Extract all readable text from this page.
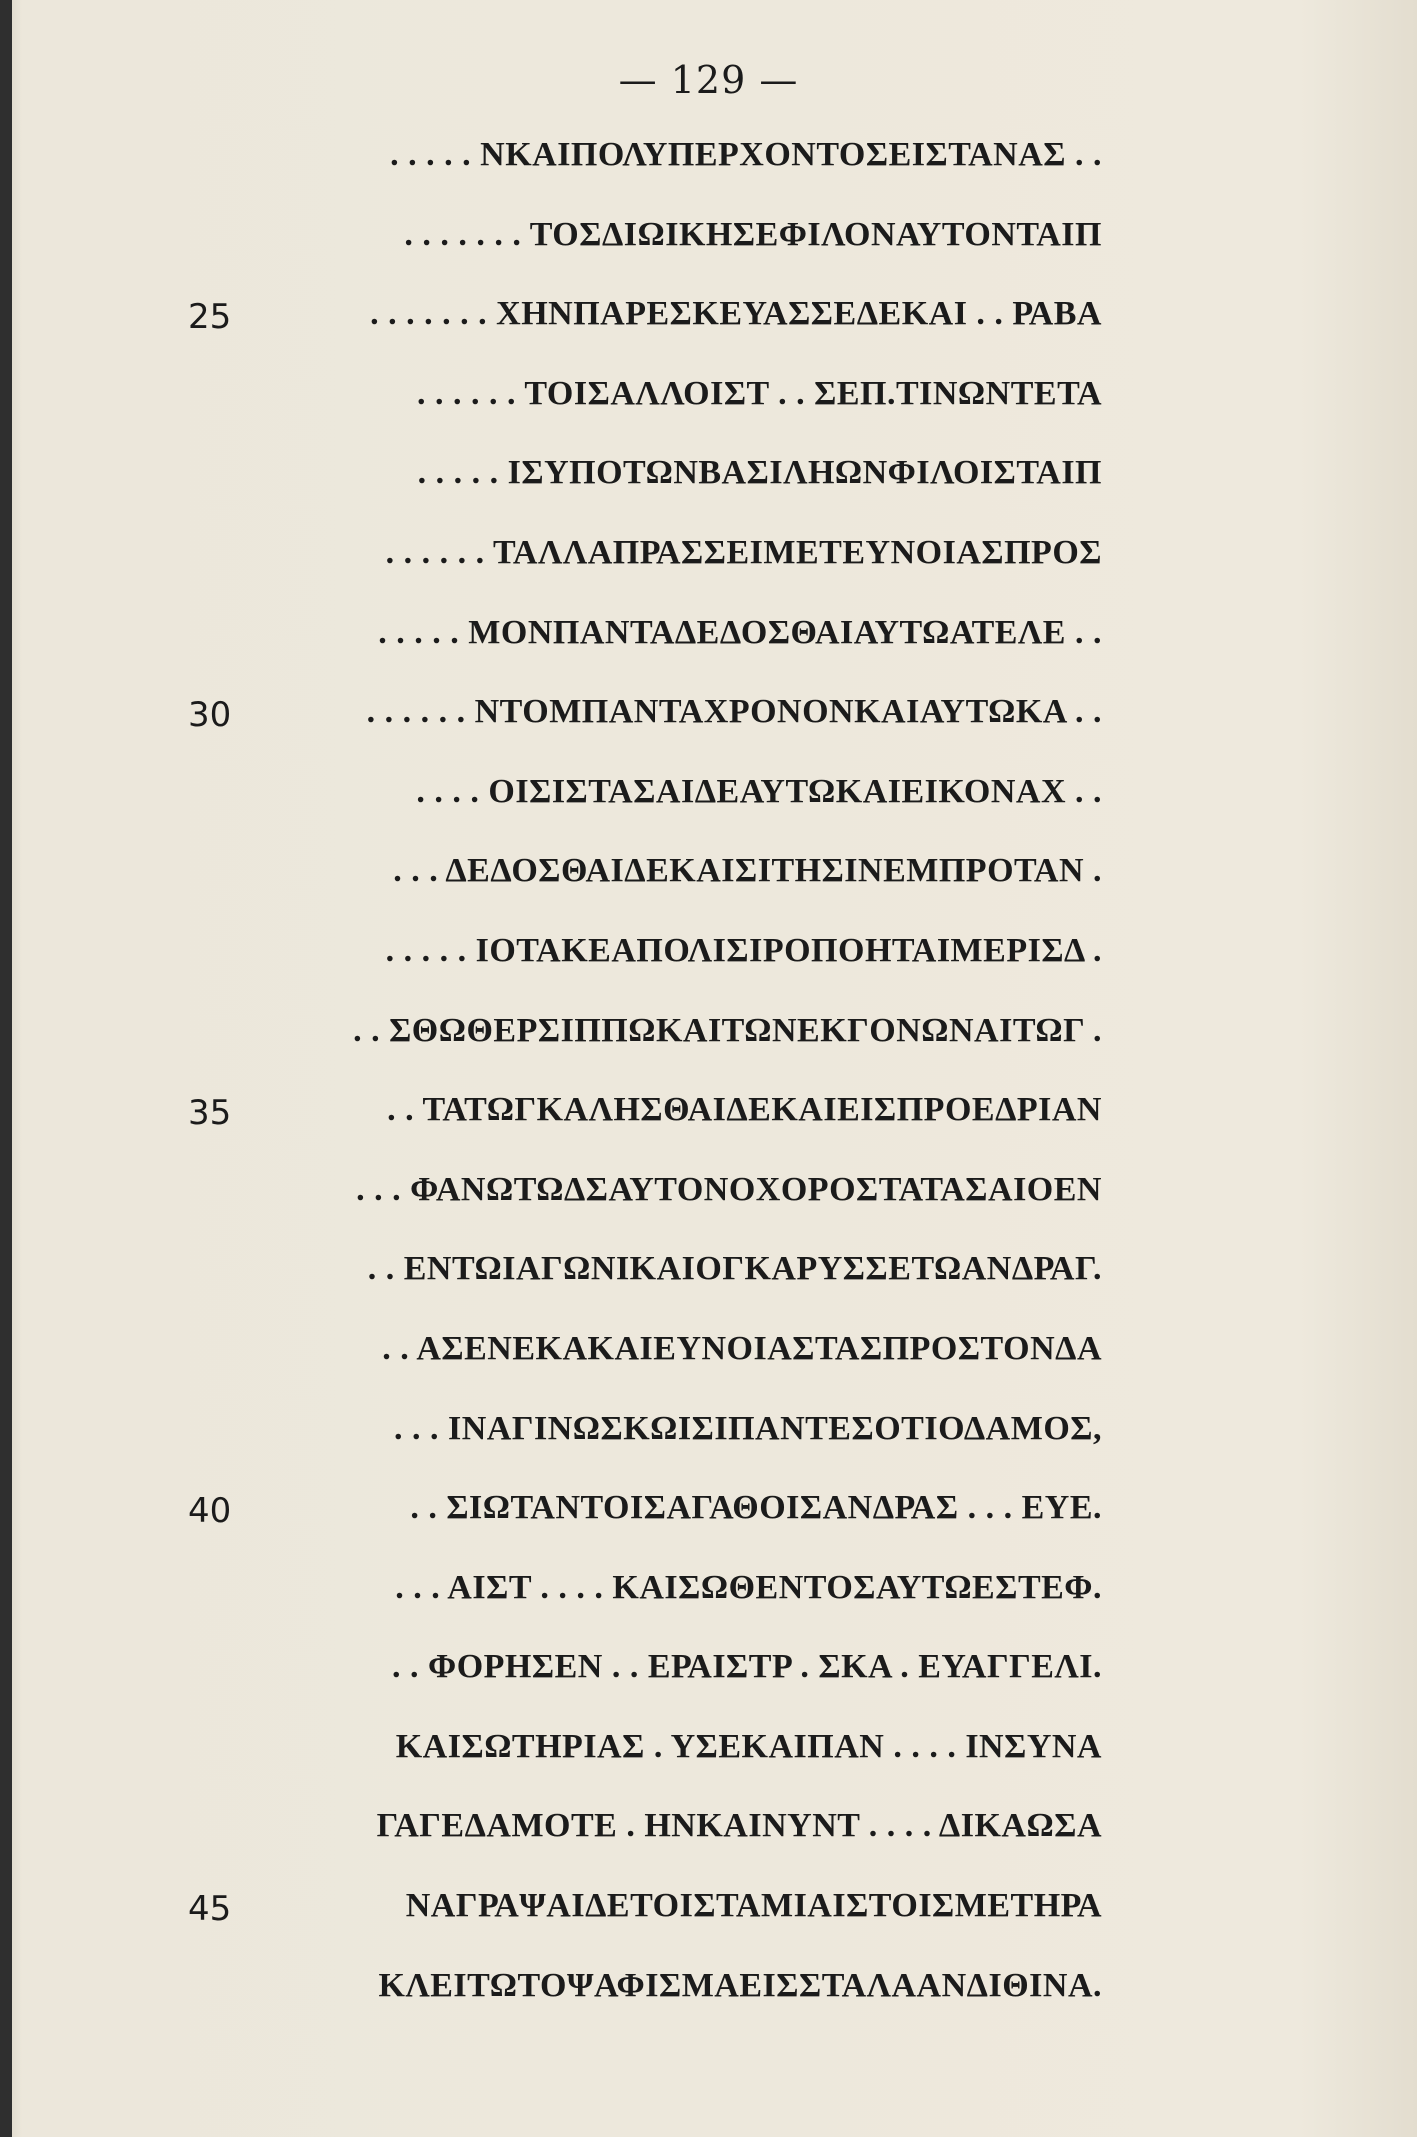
— 129 —
. . . . . ΝΚΑΙΠΟΛΥΠΕΡΧΟΝΤΟΣΕΙΣΤΑΝΑΣ . .
. . . . . . . ΤΟΣΔΙΩΙΚΗΣΕΦΙΛΟΝΑΥΤΟΝΤΑΙΠ
25	. . . . . . . ΧΗΝΠΑΡΕΣΚΕΥΑΣΣΕΔΕΚΑΙ . . ΡΑΒΑ
. . . . . . ΤΟΙΣΑΛΛΟΙΣΤ . . ΣΕΠ.ΤΙΝΩΝΤΕΤΑ
. . . . . ΙΣΥΠΟΤΩΝΒΑΣΙΛΗΩΝΦΙΛΟΙΣΤΑΙΠ
. . . . . . ΤΑΛΛΑΠΡΑΣΣΕΙΜΕΤΕΥΝΟΙΑΣΠΡΟΣ
. . . . . ΜΟΝΠΑΝΤΑΔΕΔΟΣΘΑΙΑΥΤΩΑΤΕΛΕ . .
30	. . . . . . ΝΤΟΜΠΑΝΤΑΧΡΟΝΟΝΚΑΙΑΥΤΩΚΑ . .
. . . . ΟΙΣΙΣΤΑΣΑΙΔΕΑΥΤΩΚΑΙΕΙΚΟΝΑΧ . .
. . . ΔΕΔΟΣΘΑΙΔΕΚΑΙΣΙΤΗΣΙΝΕΜΠΡΟΤΑΝ .
. . . . . ΙΟΤΑΚΕΑΠΟΛΙΣΙΡΟΠΟΗΤΑΙΜΕΡΙΣΔ .
. . ΣΘΩΘΕΡΣΙΠΠΩΚΑΙΤΩΝΕΚΓΟΝΩΝΑΙΤΩΓ .
35	. . ΤΑΤΩΓΚΑΛΗΣΘΑΙΔΕΚΑΙΕΙΣΠΡΟΕΔΡΙΑΝ
. . . ΦΑΝΩΤΩΔΣΑΥΤΟΝΟΧΟΡΟΣΤΑΤΑΣΑΙΟΕΝ
. . ΕΝΤΩΙΑΓΩΝΙΚΑΙΟΓΚΑΡΥΣΣΕΤΩΑΝΔΡΑΓ.
. . ΑΣΕΝΕΚΑΚΑΙΕΥΝΟΙΑΣΤΑΣΠΡΟΣΤΟΝΔΑ
. . . ΙΝΑΓΙΝΩΣΚΩΙΣΙΠΑΝΤΕΣΟΤΙΟΔΑΜΟΣ,
40	. . ΣΙΩΤΑΝΤΟΙΣΑΓΑΘΟΙΣΑΝΔΡΑΣ . . . ΕΥΕ.
. . . ΑΙΣΤ . . . . ΚΑΙΣΩΘΕΝΤΟΣΑΥΤΩΕΣΤΕΦ.
. . ΦΟΡΗΣΕΝ . . ΕΡΑΙΣΤΡ . ΣΚΑ . ΕΥΑΓΓΕΛΙ.
ΚΑΙΣΩΤΗΡΙΑΣ . ΥΣΕΚΑΙΠΑΝ . . . . ΙΝΣΥΝΑ
ΓΑΓΕΔΑΜΟΤΕ . ΗΝΚΑΙΝΥΝΤ . . . . ΔΙΚΑΩΣΑ
45	ΝΑΓΡΑΨΑΙΔΕΤΟΙΣΤΑΜΙΑΙΣΤΟΙΣΜΕΤΗΡΑ
ΚΛΕΙΤΩΤΟΨΑΦΙΣΜΑΕΙΣΣΤΑΛΑΑΝΔΙΘΙΝΑ.
